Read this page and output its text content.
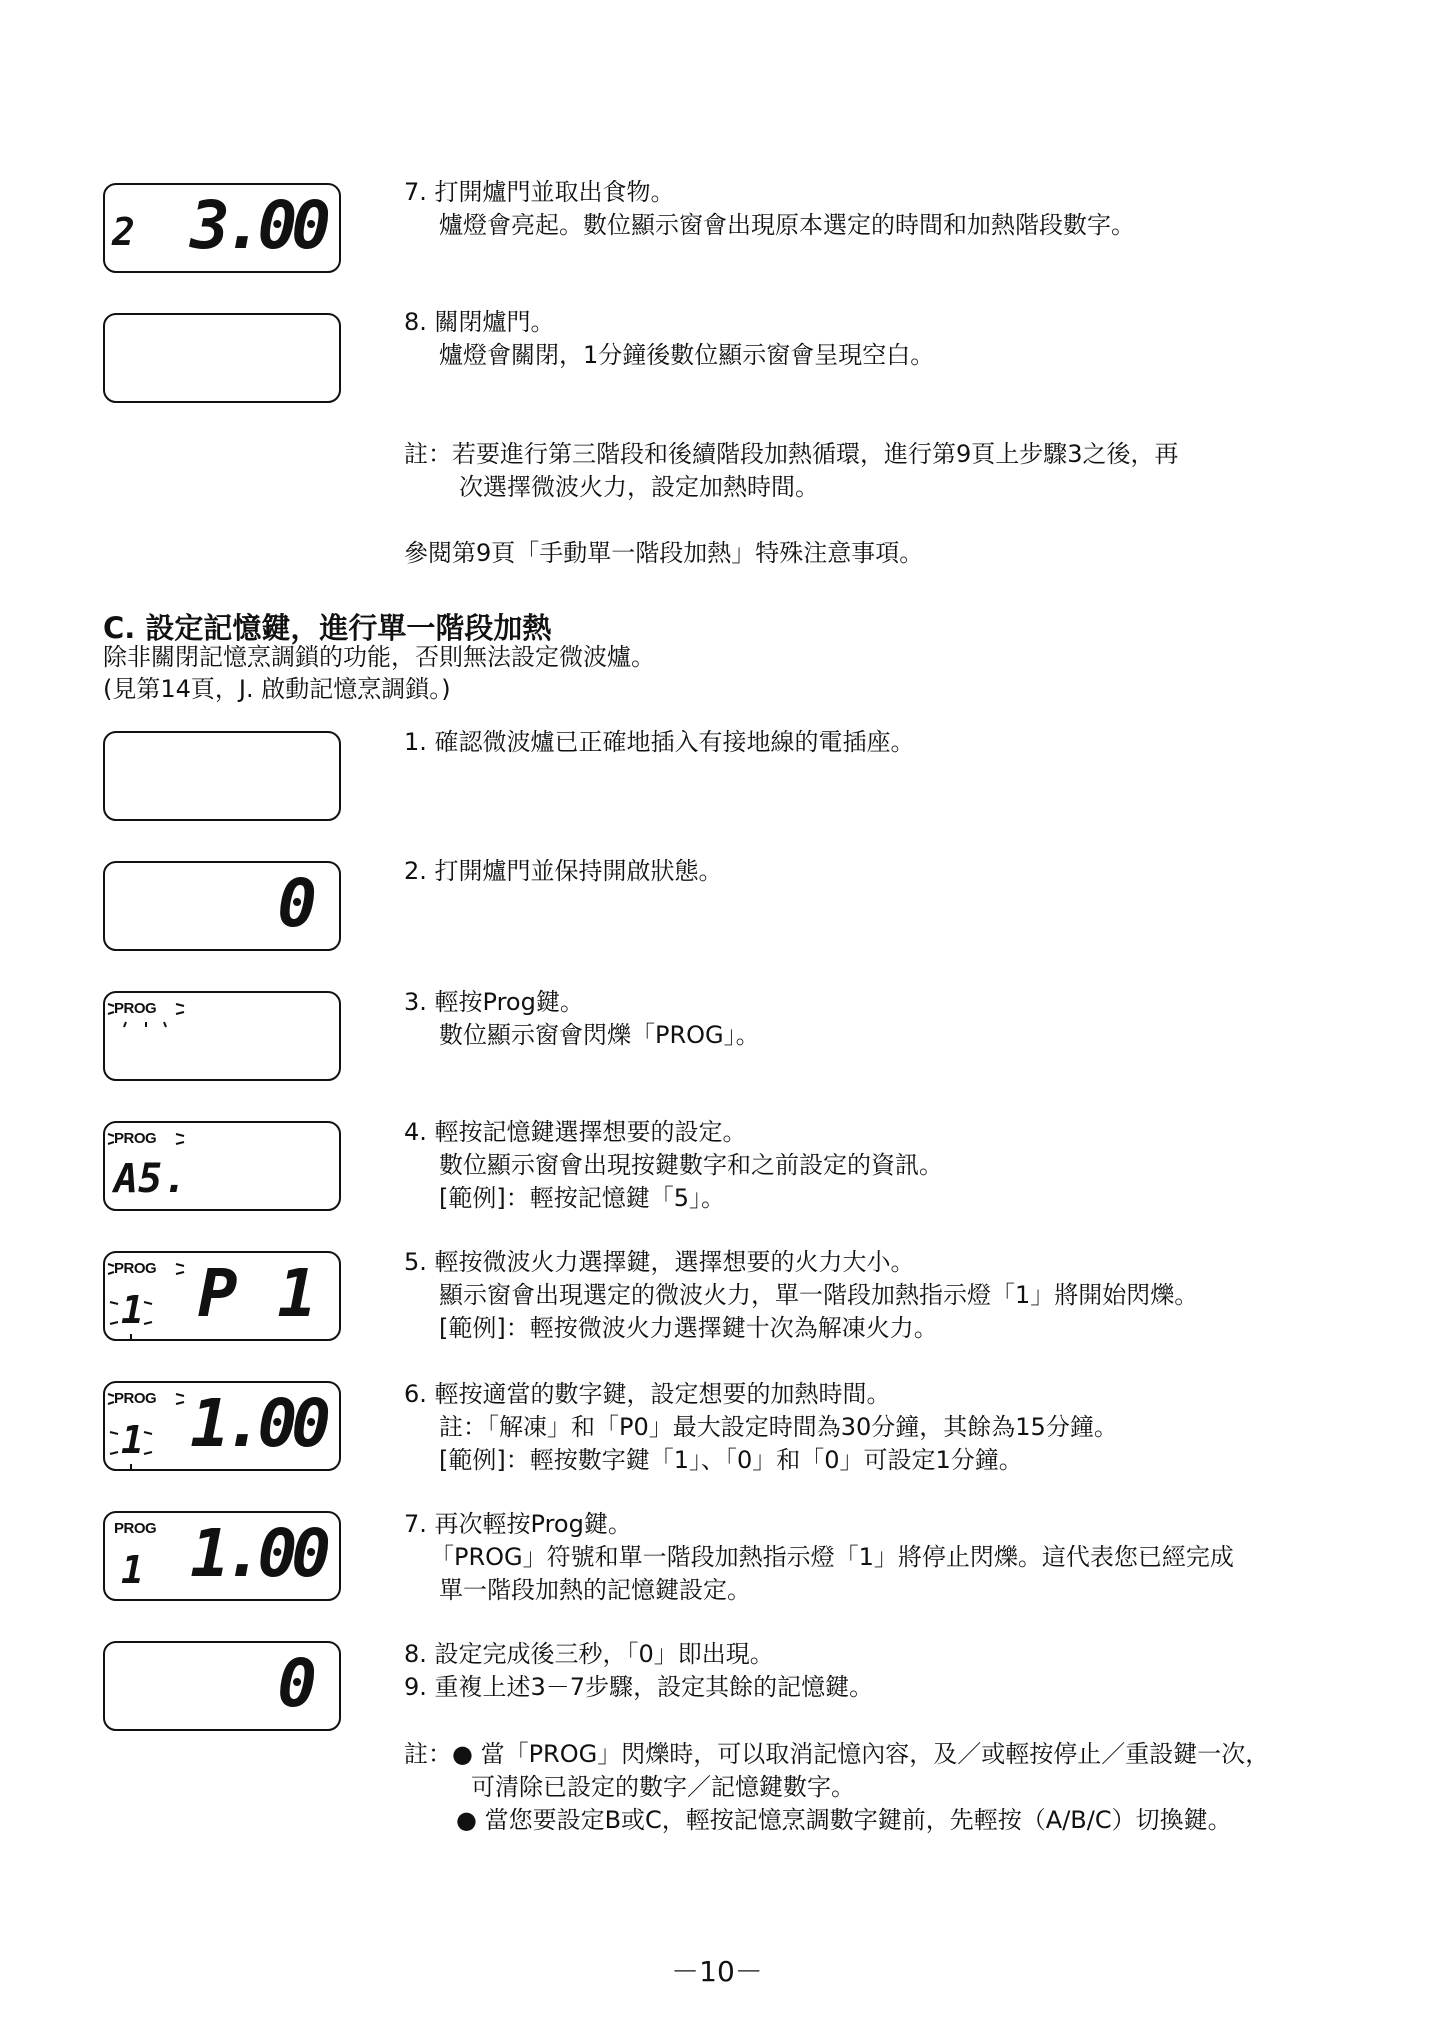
2 3.00
0
PROG
PROG
A5 .
PROG
1 P 1
PROG
1 1.00
PROG
1 1.00
0
7. 打開爐門並取出食物。
爐燈會亮起。數位顯示窗會出現原本選定的時間和加熱階段數字。
8. 關閉爐門。
爐燈會關閉，1分鐘後數位顯示窗會呈現空白。
註：若要進行第三階段和後續階段加熱循環，進行第9頁上步驟3之後，再
次選擇微波火力，設定加熱時間。
參閱第9頁「手動單一階段加熱」特殊注意事項。
C. 設定記憶鍵，進行單一階段加熱
除非關閉記憶烹調鎖的功能，否則無法設定微波爐。
(見第14頁，J. 啟動記憶烹調鎖。)
1. 確認微波爐已正確地插入有接地線的電插座。
2. 打開爐門並保持開啟狀態。
3. 輕按Prog鍵。
數位顯示窗會閃爍「PROG」。
4. 輕按記憶鍵選擇想要的設定。
數位顯示窗會出現按鍵數字和之前設定的資訊。
[範例]：輕按記憶鍵「5」。
5. 輕按微波火力選擇鍵，選擇想要的火力大小。
顯示窗會出現選定的微波火力，單一階段加熱指示燈「1」將開始閃爍。
[範例]：輕按微波火力選擇鍵十次為解凍火力。
6. 輕按適當的數字鍵，設定想要的加熱時間。
註：「解凍」和「P0」最大設定時間為30分鐘，其餘為15分鐘。
[範例]：輕按數字鍵「1」、「0」和「0」可設定1分鐘。
7. 再次輕按Prog鍵。
「PROG」符號和單一階段加熱指示燈「1」將停止閃爍。這代表您已經完成
單一階段加熱的記憶鍵設定。
8. 設定完成後三秒，「0」即出現。
9. 重複上述3－7步驟，設定其餘的記憶鍵。
註：● 當「PROG」閃爍時，可以取消記憶內容，及／或輕按停止／重設鍵一次，
可清除已設定的數字／記憶鍵數字。
● 當您要設定B或C，輕按記憶烹調數字鍵前，先輕按（A/B/C）切換鍵。
－10－
